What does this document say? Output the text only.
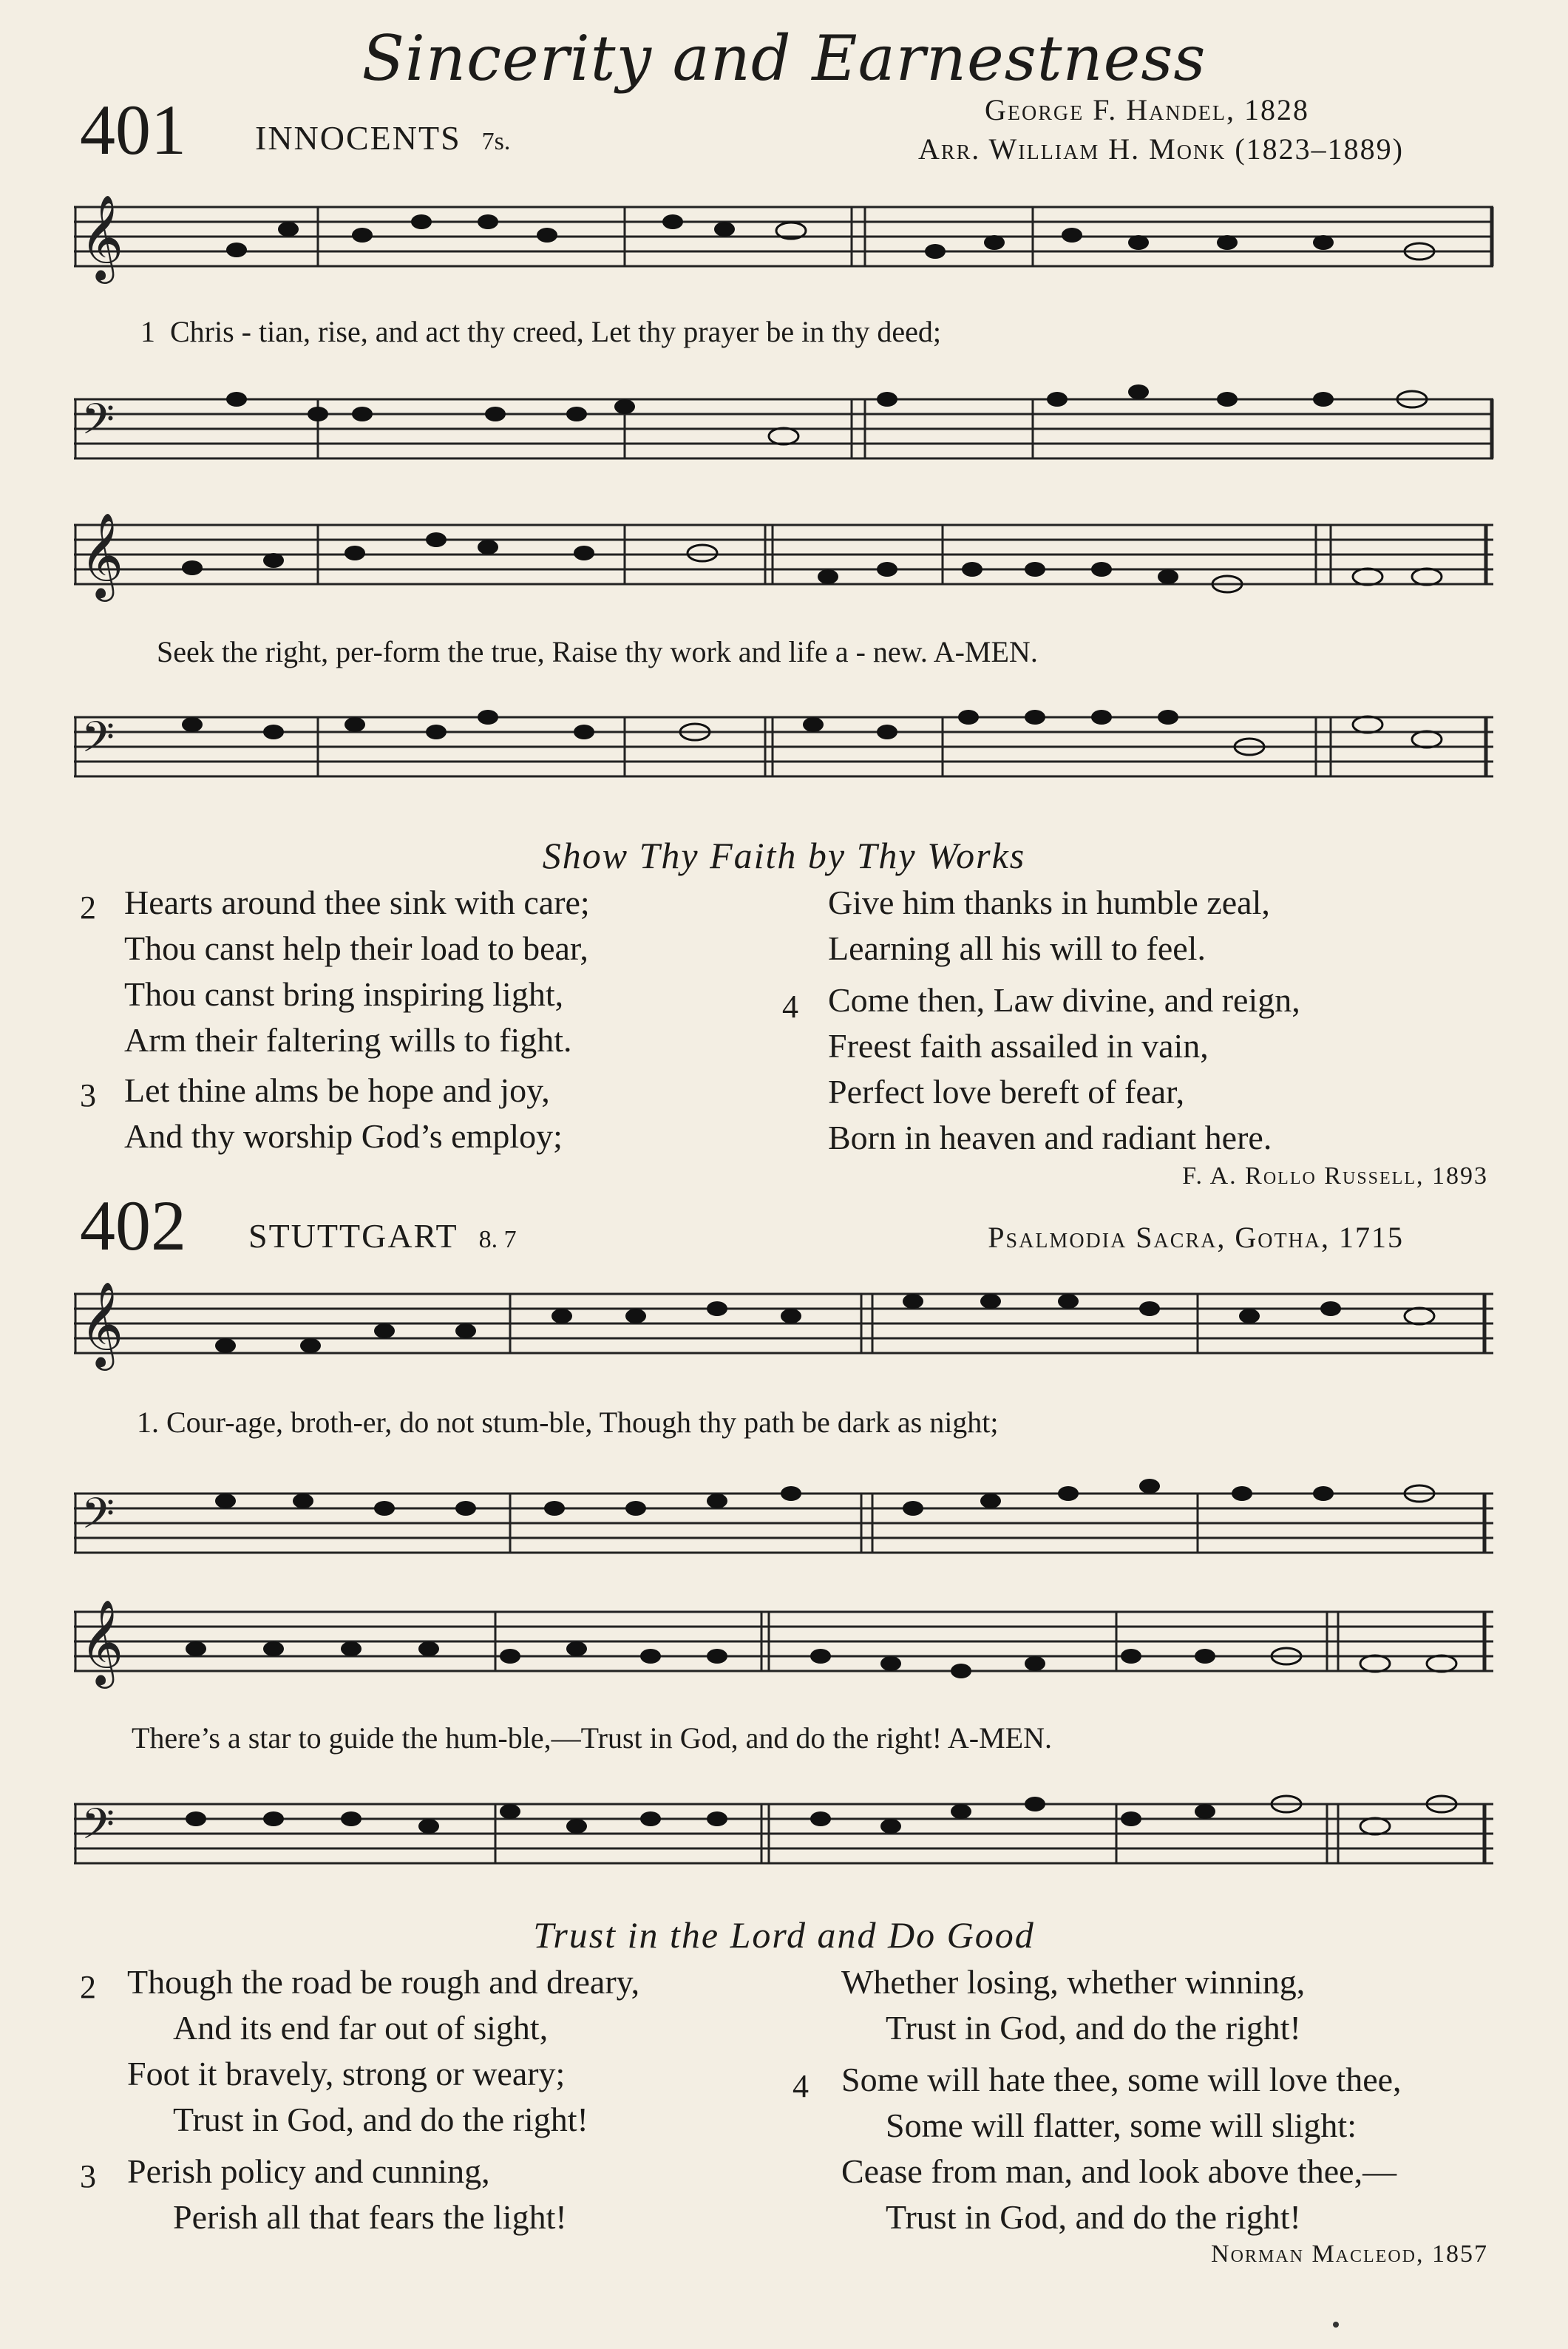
Sincerity and Earnestness
401 INNOCENTS 7s.
George F. Handel, 1828
Arr. William H. Monk (1823–1889)
𝄞
1  Chris - tian, rise, and act thy creed, Let thy prayer be in thy deed;
𝄢
𝄞
Seek the right, per-form the true, Raise thy work and life a - new. A-MEN.
𝄢
Show Thy Faith by Thy Works
2 Hearts around thee sink with care;
Thou canst help their load to bear,
Thou canst bring inspiring light,
Arm their faltering wills to fight.
3 Let thine alms be hope and joy,
And thy worship God’s employ;
Give him thanks in humble zeal,
Learning all his will to feel.
4 Come then, Law divine, and reign,
Freest faith assailed in vain,
Perfect love bereft of fear,
Born in heaven and radiant here.
F. A. Rollo Russell, 1893
402 STUTTGART 8. 7	Psalmodia Sacra, Gotha, 1715
𝄞
1. Cour-age, broth-er, do not stum-ble, Though thy path be dark as night;
𝄢
𝄞
There’s a star to guide the hum-ble,—Trust in God, and do the right! A-MEN.
𝄢
Trust in the Lord and Do Good
2 Though the road be rough and dreary,
And its end far out of sight,
Foot it bravely, strong or weary;
Trust in God, and do the right!
3 Perish policy and cunning,
Perish all that fears the light!
Whether losing, whether winning,
Trust in God, and do the right!
4 Some will hate thee, some will love thee,
Some will flatter, some will slight:
Cease from man, and look above thee,—
Trust in God, and do the right!
Norman Macleod, 1857
